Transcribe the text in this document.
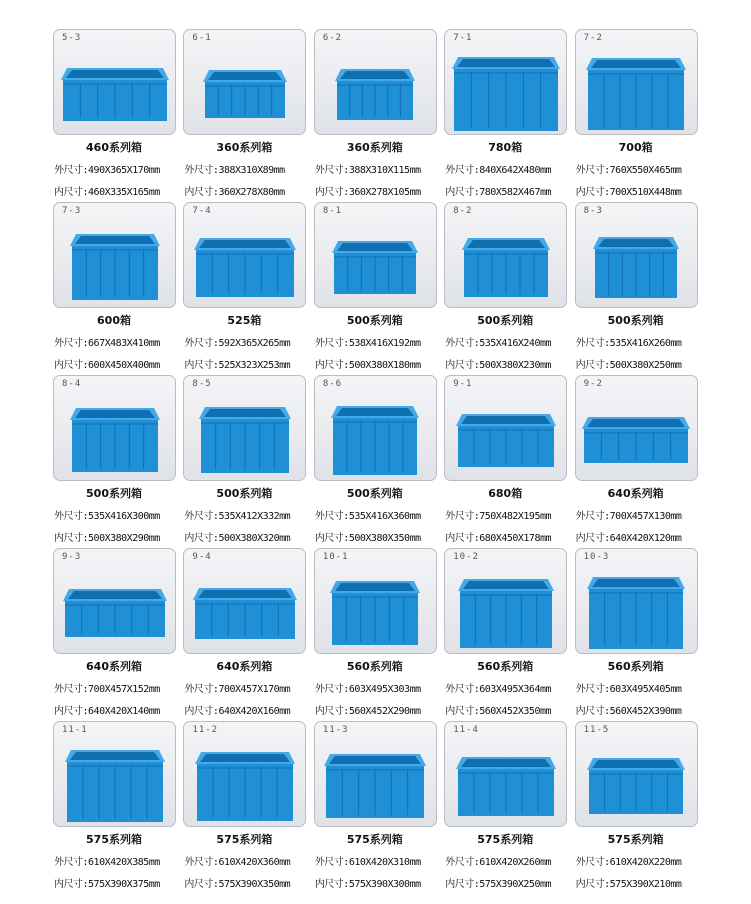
5-3
460系列箱
外尺寸:490X365X170mm
内尺寸:460X335X165mm
6-1
360系列箱
外尺寸:388X310X89mm
内尺寸:360X278X80mm
6-2
360系列箱
外尺寸:388X310X115mm
内尺寸:360X278X105mm
7-1
780箱
外尺寸:840X642X480mm
内尺寸:780X582X467mm
7-2
700箱
外尺寸:760X550X465mm
内尺寸:700X510X448mm
7-3
600箱
外尺寸:667X483X410mm
内尺寸:600X450X400mm
7-4
525箱
外尺寸:592X365X265mm
内尺寸:525X323X253mm
8-1
500系列箱
外尺寸:538X416X192mm
内尺寸:500X380X180mm
8-2
500系列箱
外尺寸:535X416X240mm
内尺寸:500X380X230mm
8-3
500系列箱
外尺寸:535X416X260mm
内尺寸:500X380X250mm
8-4
500系列箱
外尺寸:535X416X300mm
内尺寸:500X380X290mm
8-5
500系列箱
外尺寸:535X412X332mm
内尺寸:500X380X320mm
8-6
500系列箱
外尺寸:535X416X360mm
内尺寸:500X380X350mm
9-1
680箱
外尺寸:750X482X195mm
内尺寸:680X450X178mm
9-2
640系列箱
外尺寸:700X457X130mm
内尺寸:640X420X120mm
9-3
640系列箱
外尺寸:700X457X152mm
内尺寸:640X420X140mm
9-4
640系列箱
外尺寸:700X457X170mm
内尺寸:640X420X160mm
10-1
560系列箱
外尺寸:603X495X303mm
内尺寸:560X452X290mm
10-2
560系列箱
外尺寸:603X495X364mm
内尺寸:560X452X350mm
10-3
560系列箱
外尺寸:603X495X405mm
内尺寸:560X452X390mm
11-1
575系列箱
外尺寸:610X420X385mm
内尺寸:575X390X375mm
11-2
575系列箱
外尺寸:610X420X360mm
内尺寸:575X390X350mm
11-3
575系列箱
外尺寸:610X420X310mm
内尺寸:575X390X300mm
11-4
575系列箱
外尺寸:610X420X260mm
内尺寸:575X390X250mm
11-5
575系列箱
外尺寸:610X420X220mm
内尺寸:575X390X210mm
